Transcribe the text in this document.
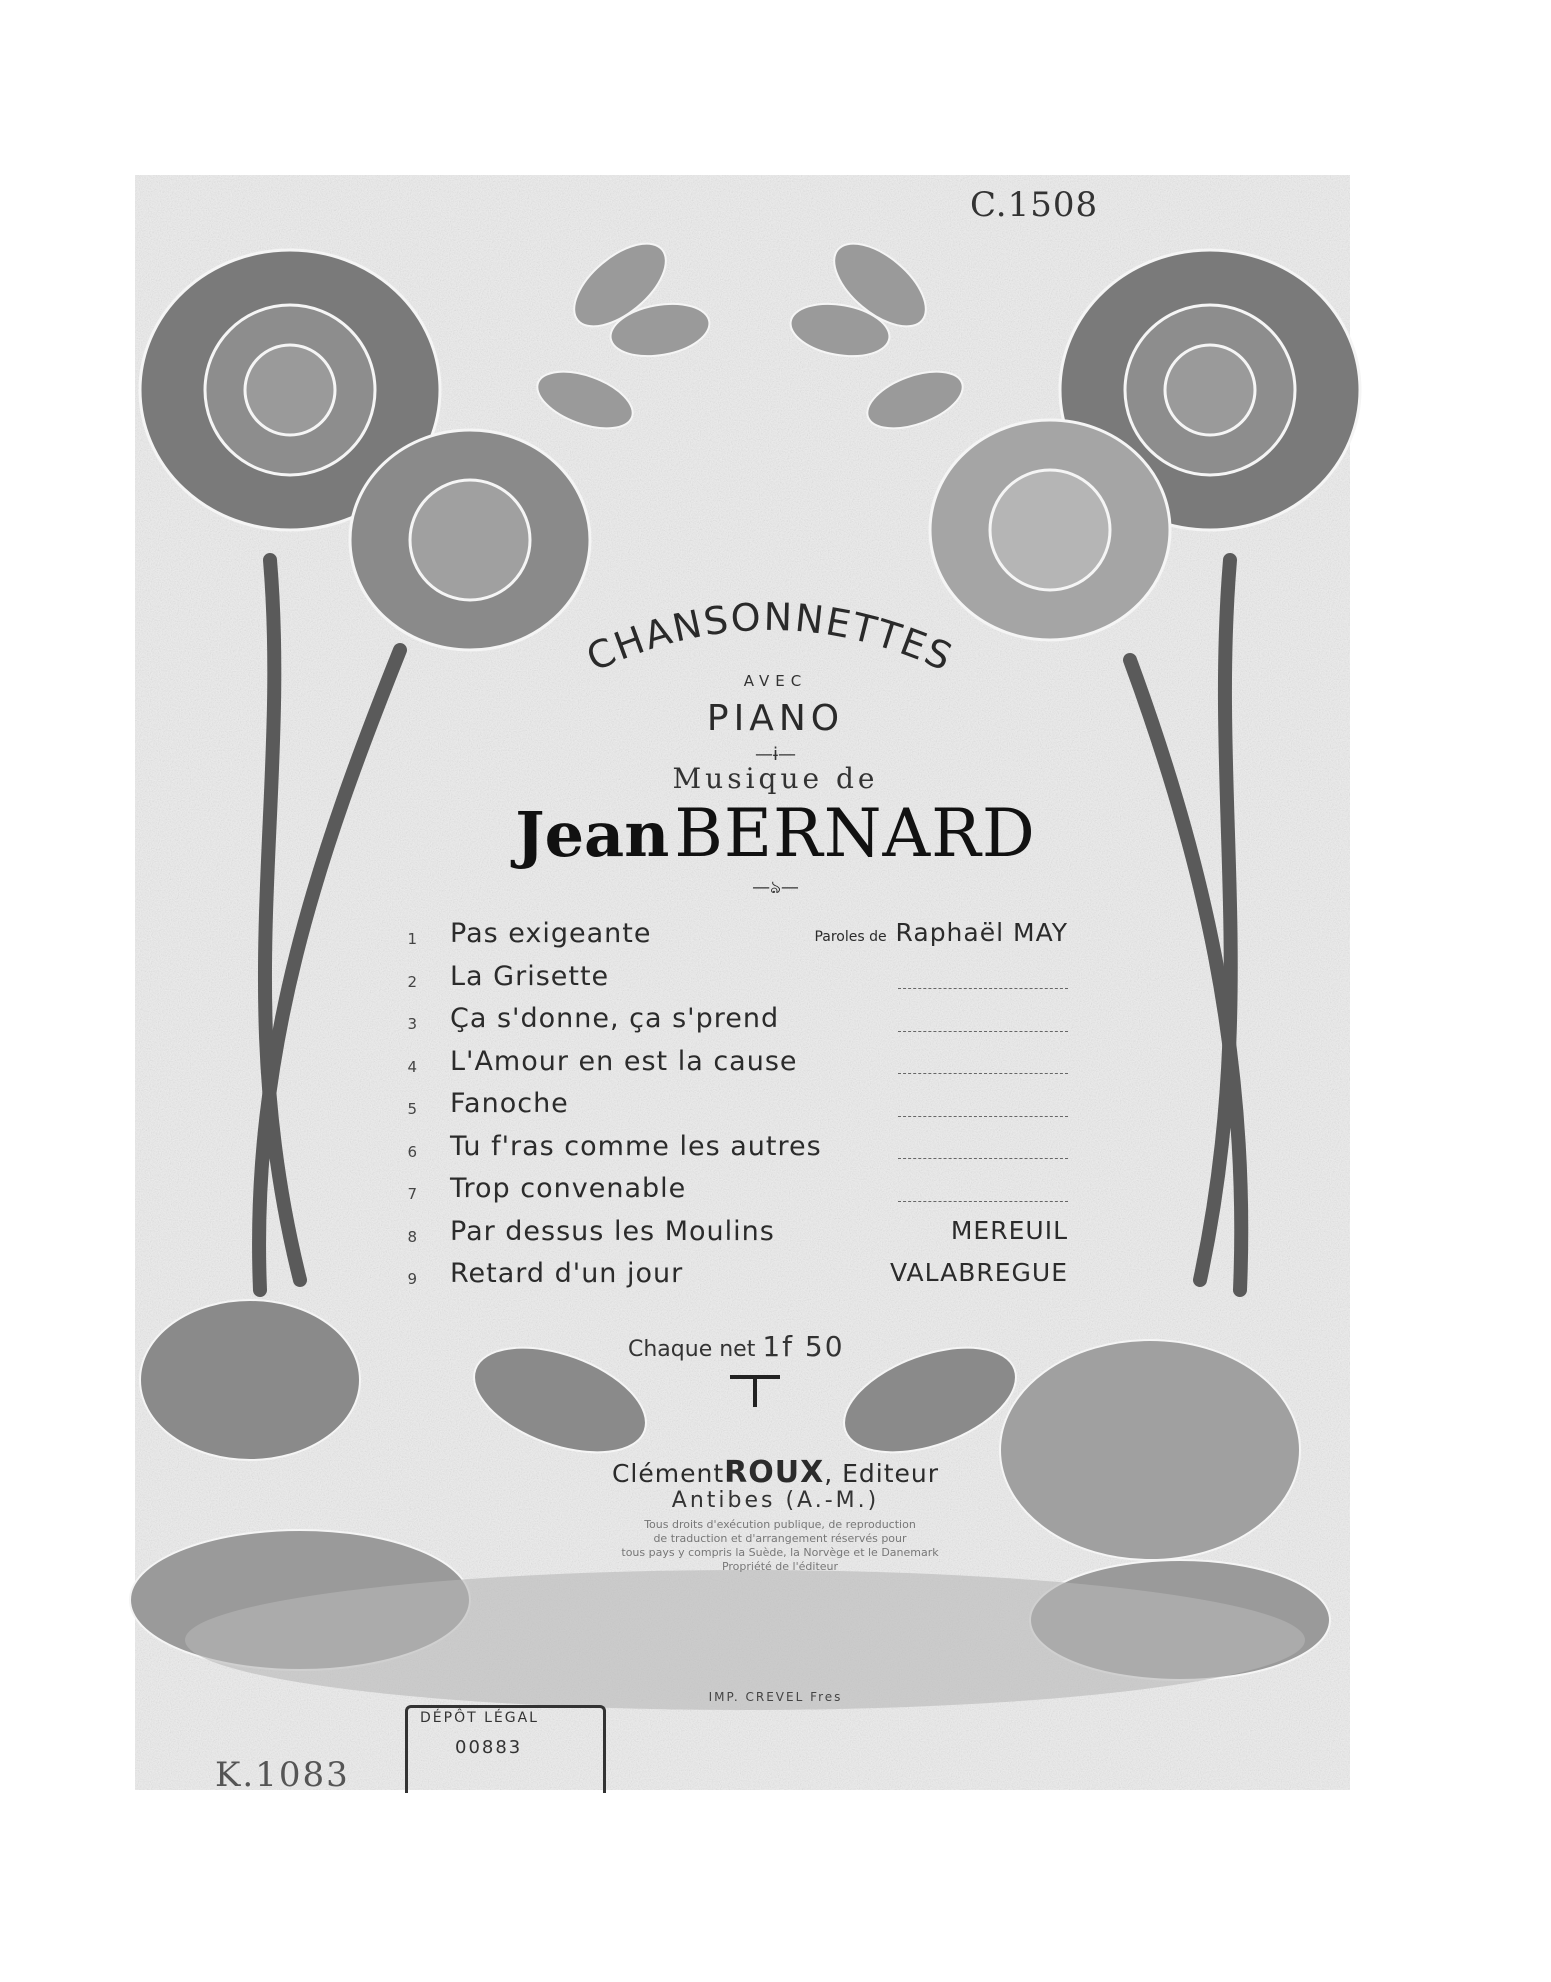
C.1508
CHANSONNETTES
AVEC
PIANO
—ɨ—
Musique de
Jean BERNARD
—ঌ—
1 Pas exigeante	Paroles de Raphaël MAY
2 La Grisette
3 Ça s'donne, ça s'prend
4 L'Amour en est la cause
5 Fanoche
6 Tu f'ras comme les autres
7 Trop convenable
8 Par dessus les Moulins	MEREUIL
9 Retard d'un jour	VALABREGUE
Chaque net 1f 50
ClémentROUX, Editeur
Antibes (A.-M.)
Tous droits d'exécution publique, de reproduction
de traduction et d'arrangement réservés pour
tous pays y compris la Suède, la Norvège et le Danemark
Propriété de l'éditeur
IMP. CREVEL Fres
DÉPÔT LÉGAL
00883
K.1083
